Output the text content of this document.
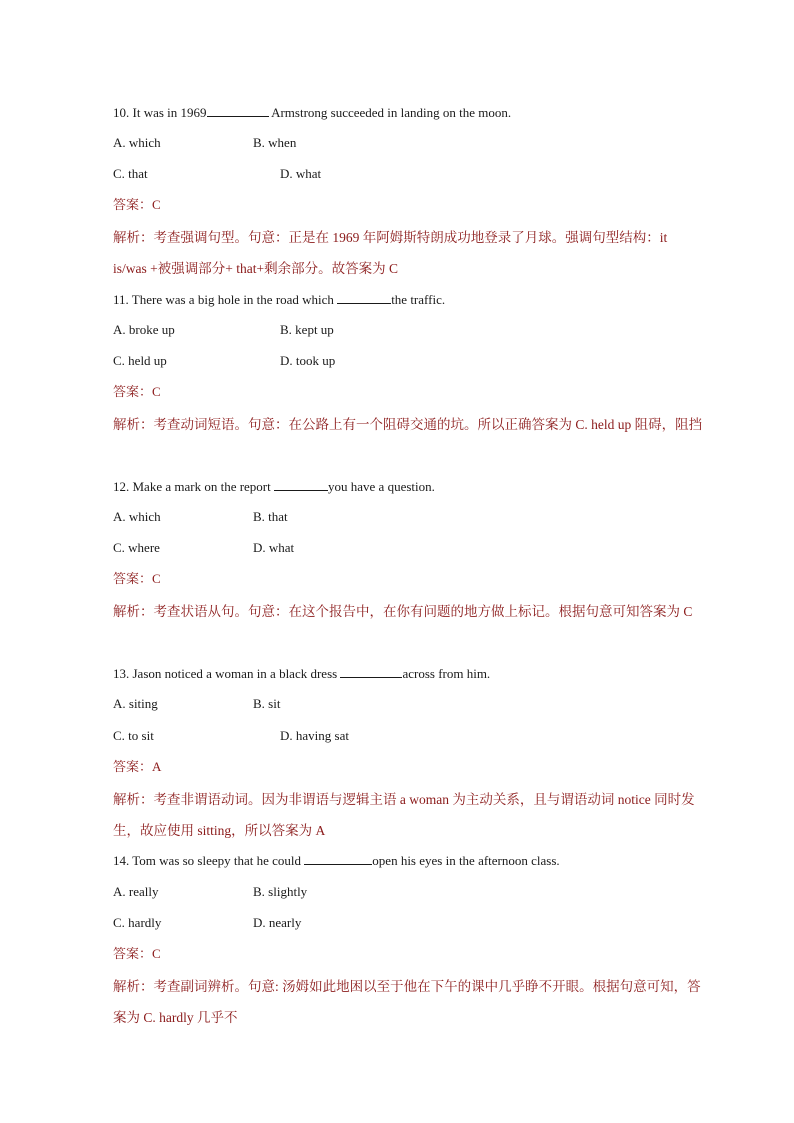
10. It was in 1969	Armstrong succeeded in landing on the moon.
A. which	B. when
C. that	D. what
答案：C
解析：考查强调句型。句意：正是在 1969 年阿姆斯特朗成功地登录了月球。强调句型结构：it is/was +被强调部分+ that+剩余部分。故答案为 C
11. There was a big hole in the road which	the traffic.
A. broke up	B. kept up
C. held up	D. took up
答案：C
解析：考查动词短语。句意：在公路上有一个阻碍交通的坑。所以正确答案为 C. held up 阻碍，阻挡
12. Make a mark on the report	you have a question.
A. which	B. that
C. where	D. what
答案：C
解析：考查状语从句。句意：在这个报告中，在你有问题的地方做上标记。根据句意可知答案为 C
13. Jason noticed a woman in a black dress	across from him.
A. siting	B. sit
C. to sit	D. having sat
答案：A
解析：考查非谓语动词。因为非谓语与逻辑主语 a woman 为主动关系，且与谓语动词 notice 同时发生，故应使用 sitting，所以答案为 A
14. Tom was so sleepy that he could	open his eyes in the afternoon class.
A. really	B. slightly
C. hardly	D. nearly
答案：C
解析：考查副词辨析。句意: 汤姆如此地困以至于他在下午的课中几乎睁不开眼。根据句意可知，答案为 C. hardly 几乎不
